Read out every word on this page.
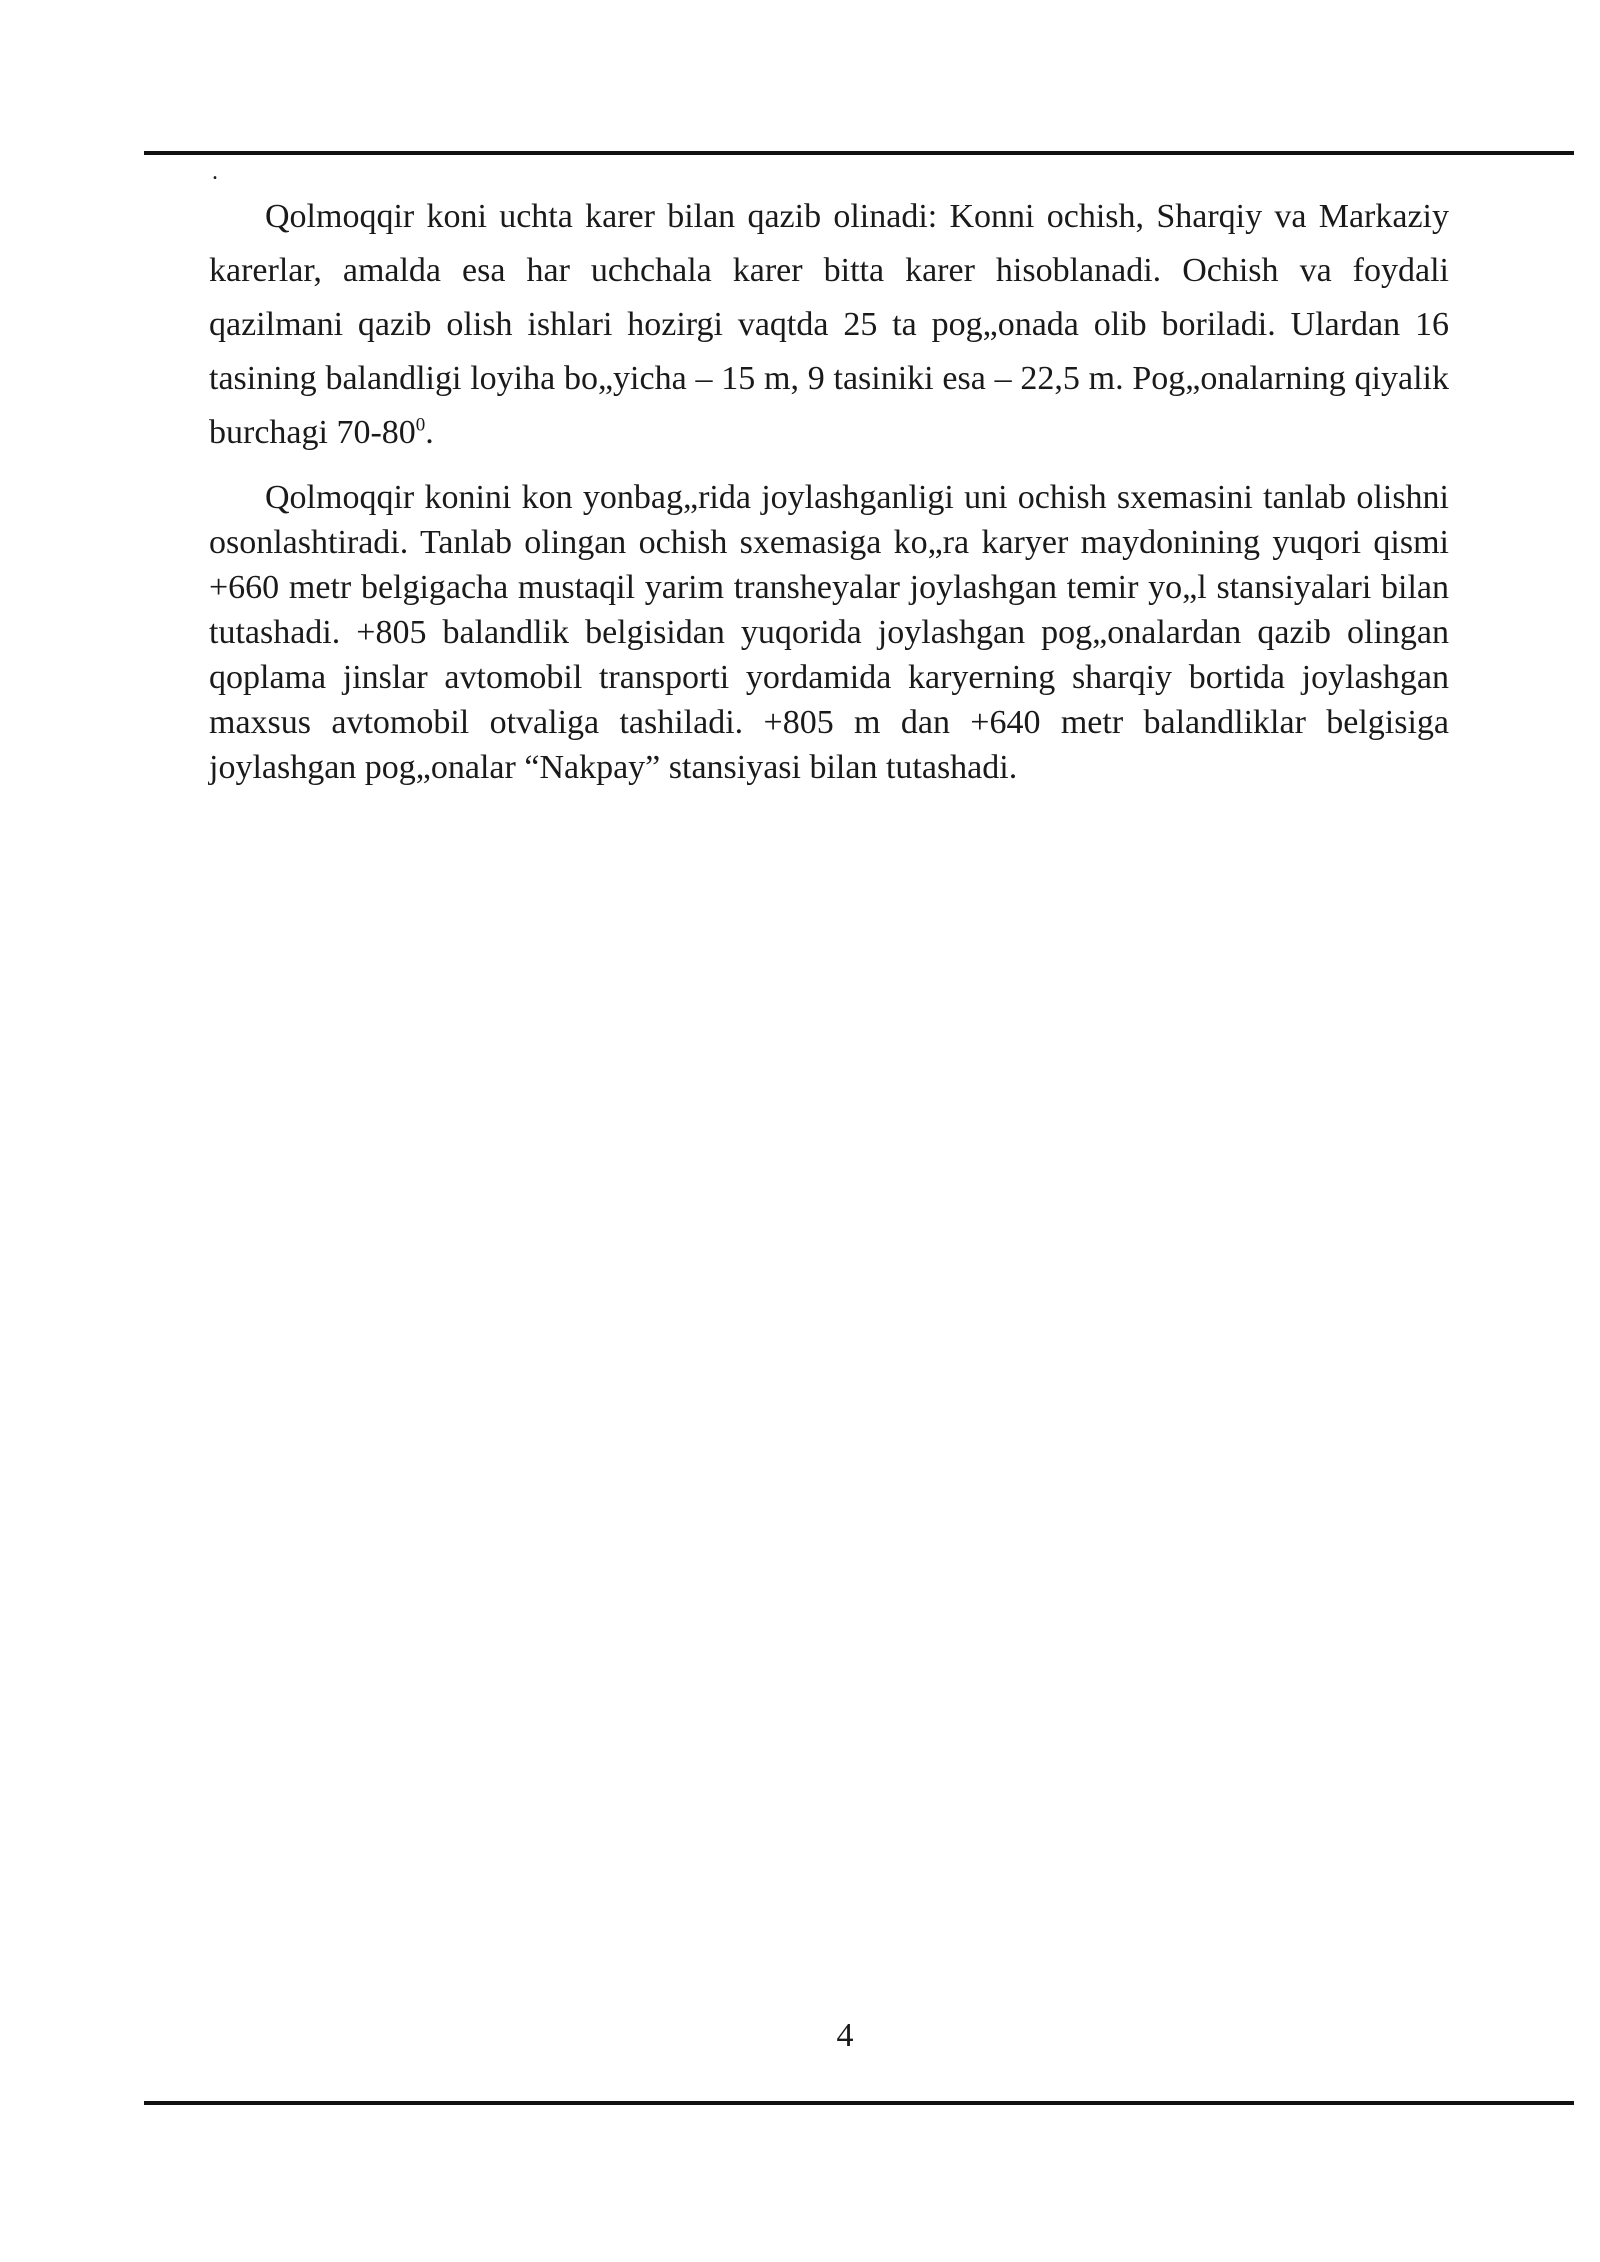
.

Qolmoqqir koni uchta karer bilan qazib olinadi: Konni ochish, Sharqiy va Markaziy karerlar, amalda esa har uchchala karer bitta karer hisoblanadi. Ochish va foydali qazilmani qazib olish ishlari hozirgi vaqtda 25 ta pog„onada olib boriladi. Ulardan 16 tasining balandligi loyiha bo„yicha – 15 m, 9 tasiniki esa – 22,5 m. Pog„onalarning qiyalik burchagi $70-80^0$.

Qolmoqqir konini kon yonbag„rida joylashganligi uni ochish sxemasini tanlab olishni osonlashtiradi. Tanlab olingan ochish sxemasiga ko„ra karyer maydonining yuqori qismi +660 metr belgigacha mustaqil yarim transheyalar joylashgan temir yo„l stansiyalari bilan tutashadi. +805 balandlik belgisidan yuqorida joylashgan pog„onalardan qazib olingan qoplama jinslar avtomobil transporti yordamida karyerning sharqiy bortida joylashgan maxsus avtomobil otvaliga tashiladi. +805 m dan +640 metr balandliklar belgisiga joylashgan pog„onalar “Nakpay” stansiyasi bilan tutashadi.

4
